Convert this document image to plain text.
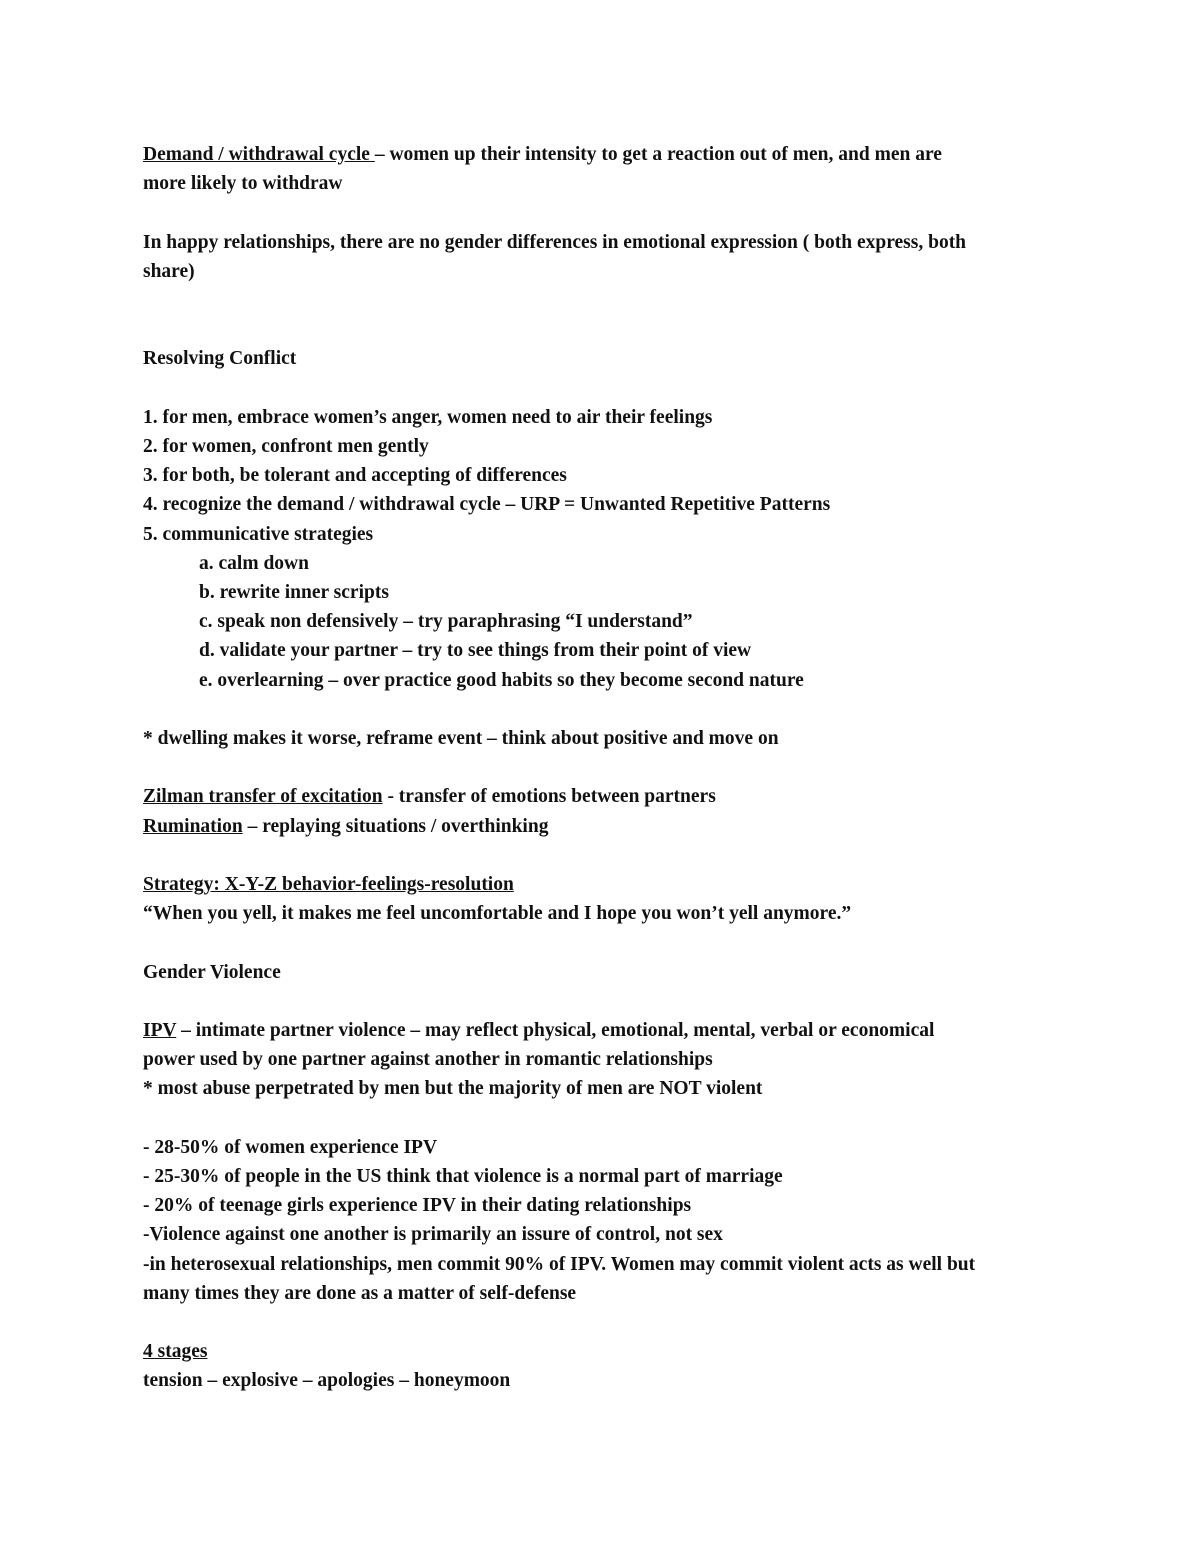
Demand / withdrawal cycle – women up their intensity to get a reaction out of men, and men are
more likely to withdraw
In happy relationships, there are no gender differences in emotional expression ( both express, both
share)
Resolving Conflict
1. for men, embrace women’s anger, women need to air their feelings
2. for women, confront men gently
3. for both, be tolerant and accepting of differences
4. recognize the demand / withdrawal cycle – URP = Unwanted Repetitive Patterns
5. communicative strategies
a. calm down
b. rewrite inner scripts
c. speak non defensively – try paraphrasing “I understand”
d. validate your partner – try to see things from their point of view
e. overlearning – over practice good habits so they become second nature
* dwelling makes it worse, reframe event – think about positive and move on
Zilman transfer of excitation - transfer of emotions between partners
Rumination – replaying situations / overthinking
Strategy: X-Y-Z behavior-feelings-resolution
“When you yell, it makes me feel uncomfortable and I hope you won’t yell anymore.”
Gender Violence
IPV – intimate partner violence – may reflect physical, emotional, mental, verbal or economical
power used by one partner against another in romantic relationships
* most abuse perpetrated by men but the majority of men are NOT violent
- 28-50% of women experience IPV
- 25-30% of people in the US think that violence is a normal part of marriage
- 20% of teenage girls experience IPV in their dating relationships
-Violence against one another is primarily an issure of control, not sex
-in heterosexual relationships, men commit 90% of IPV. Women may commit violent acts as well but
many times they are done as a matter of self-defense
4 stages
tension – explosive – apologies – honeymoon
